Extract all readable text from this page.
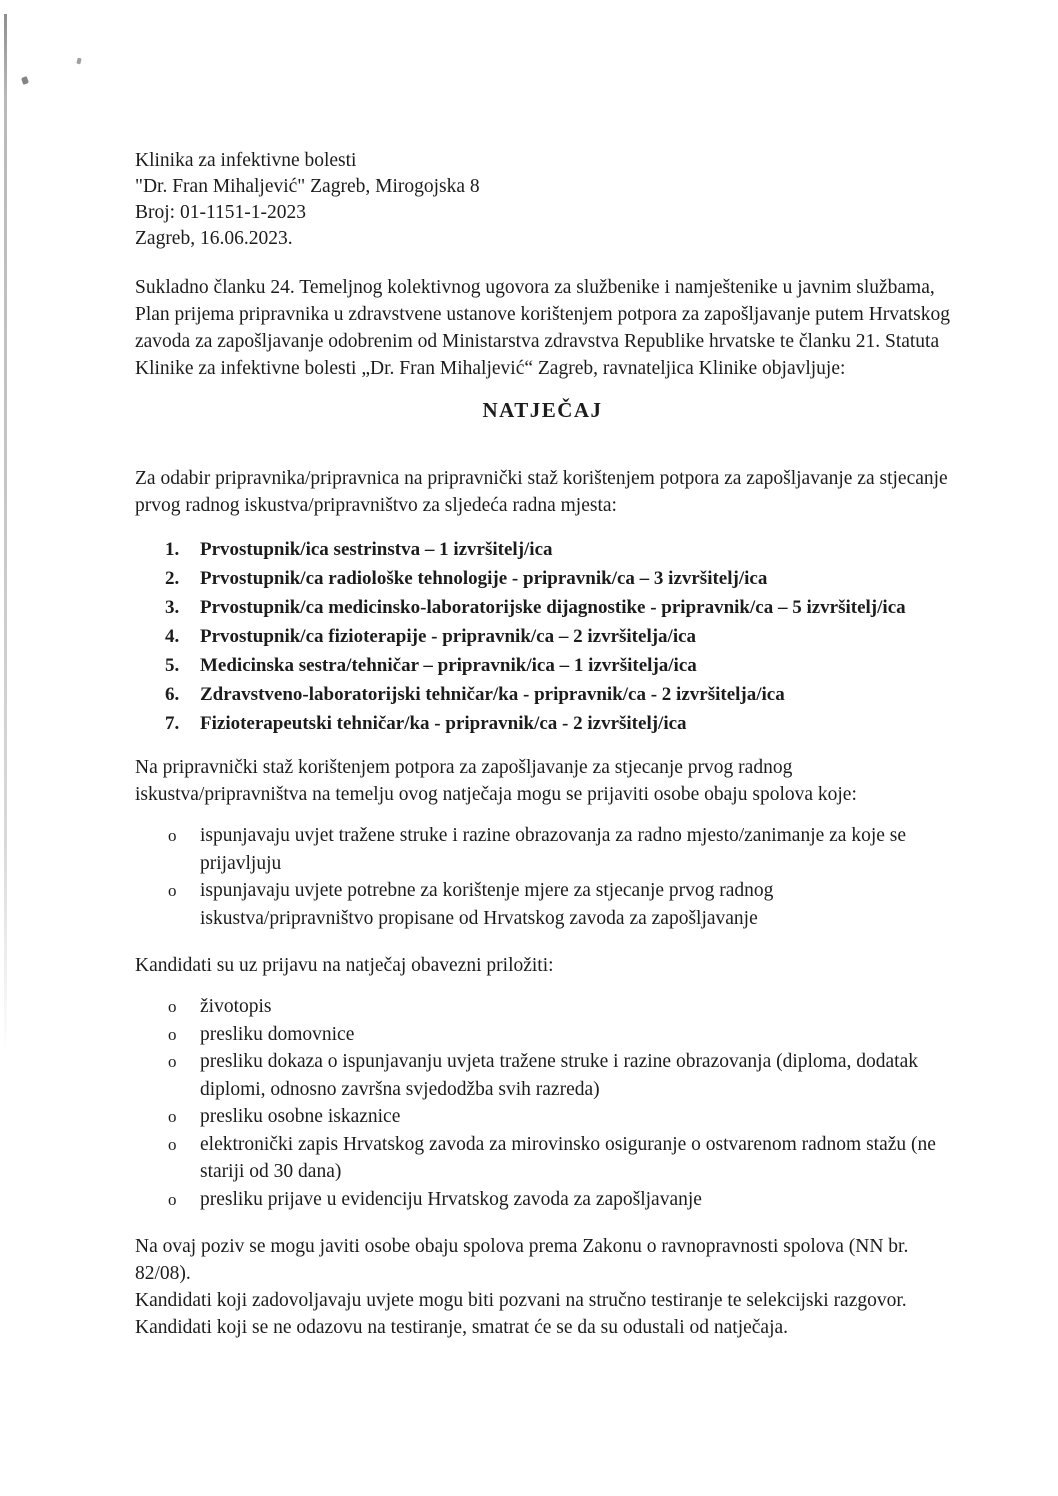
Klinika za infektivne bolesti
"Dr. Fran Mihaljević" Zagreb, Mirogojska 8
Broj: 01-1151-1-2023
Zagreb, 16.06.2023.

Sukladno članku 24. Temeljnog kolektivnog ugovora za službenike i namještenike u javnim službama, Plan prijema pripravnika u zdravstvene ustanove korištenjem potpora za zapošljavanje putem Hrvatskog zavoda za zapošljavanje odobrenim od Ministarstva zdravstva Republike hrvatske te članku 21. Statuta Klinike za infektivne bolesti „Dr. Fran Mihaljević“ Zagreb, ravnateljica Klinike objavljuje:

NATJEČAJ

Za odabir pripravnika/pripravnica na pripravnički staž korištenjem potpora za zapošljavanje za stjecanje prvog radnog iskustva/pripravništvo za sljedeća radna mjesta:

1.	Prvostupnik/ica sestrinstva – 1 izvršitelj/ica
2.	Prvostupnik/ca radiološke tehnologije - pripravnik/ca – 3 izvršitelj/ica
3.	Prvostupnik/ca medicinsko-laboratorijske dijagnostike - pripravnik/ca – 5 izvršitelj/ica
4.	Prvostupnik/ca fizioterapije - pripravnik/ca – 2 izvršitelja/ica
5.	Medicinska sestra/tehničar – pripravnik/ica – 1 izvršitelja/ica
6.	Zdravstveno-laboratorijski tehničar/ka - pripravnik/ca - 2 izvršitelja/ica
7.	Fizioterapeutski tehničar/ka - pripravnik/ca - 2 izvršitelj/ica

Na pripravnički staž korištenjem potpora za zapošljavanje za stjecanje prvog radnog iskustva/pripravništva na temelju ovog natječaja mogu se prijaviti osobe obaju spolova koje:

o	ispunjavaju uvjet tražene struke i razine obrazovanja za radno mjesto/zanimanje za koje se prijavljuju
o	ispunjavaju uvjete potrebne za korištenje mjere za stjecanje prvog radnog iskustva/pripravništvo propisane od Hrvatskog zavoda za zapošljavanje

Kandidati su uz prijavu na natječaj obavezni priložiti:

o	životopis
o	presliku domovnice
o	presliku dokaza o ispunjavanju uvjeta tražene struke i razine obrazovanja (diploma, dodatak diplomi, odnosno završna svjedodžba svih razreda)
o	presliku osobne iskaznice
o	elektronički zapis Hrvatskog zavoda za mirovinsko osiguranje o ostvarenom radnom stažu (ne stariji od 30 dana)
o	presliku prijave u evidenciju Hrvatskog zavoda za zapošljavanje

Na ovaj poziv se mogu javiti osobe obaju spolova prema Zakonu o ravnopravnosti spolova (NN br. 82/08).

Kandidati koji zadovoljavaju uvjete mogu biti pozvani na stručno testiranje te selekcijski razgovor.

Kandidati koji se ne odazovu na testiranje, smatrat će se da su odustali od natječaja.
